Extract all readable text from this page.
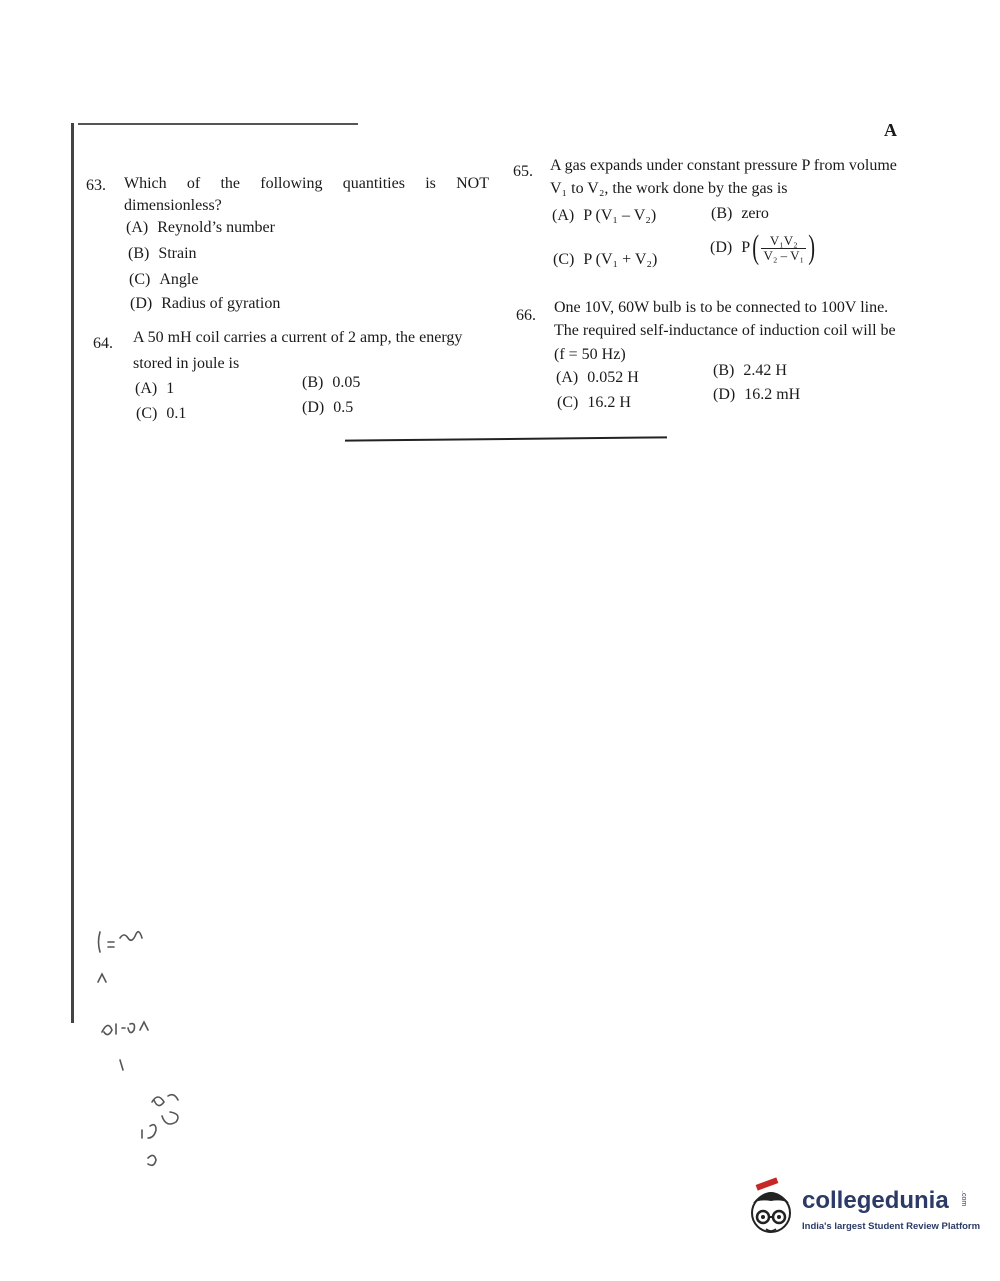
A
63. Which of the following quantities is NOT
dimensionless?
(A) Reynold’s number
(B) Strain
(C) Angle
(D) Radius of gyration
64. A 50 mH coil carries a current of 2 amp, the energy
stored in joule is
(A) 1	(B) 0.05
(C) 0.1	(D) 0.5
65. A gas expands under constant pressure P from volume
V₁ to V₂, the work done by the gas is
(A) P (V₁ – V₂)	(B) zero
(C) P (V₁ + V₂)
(D) $P( \frac{\text{V₁V₂}}{\text{V₂ – V₁}}$ )
66. One 10V, 60W bulb is to be connected to 100V line.
The required self-inductance of induction coil will be
(f = 50 Hz)
(A) 0.052 H	(B) 2.42 H
(C) 16.2 H	(D) 16.2 mH
collegedunia .com
India's largest Student Review Platform
